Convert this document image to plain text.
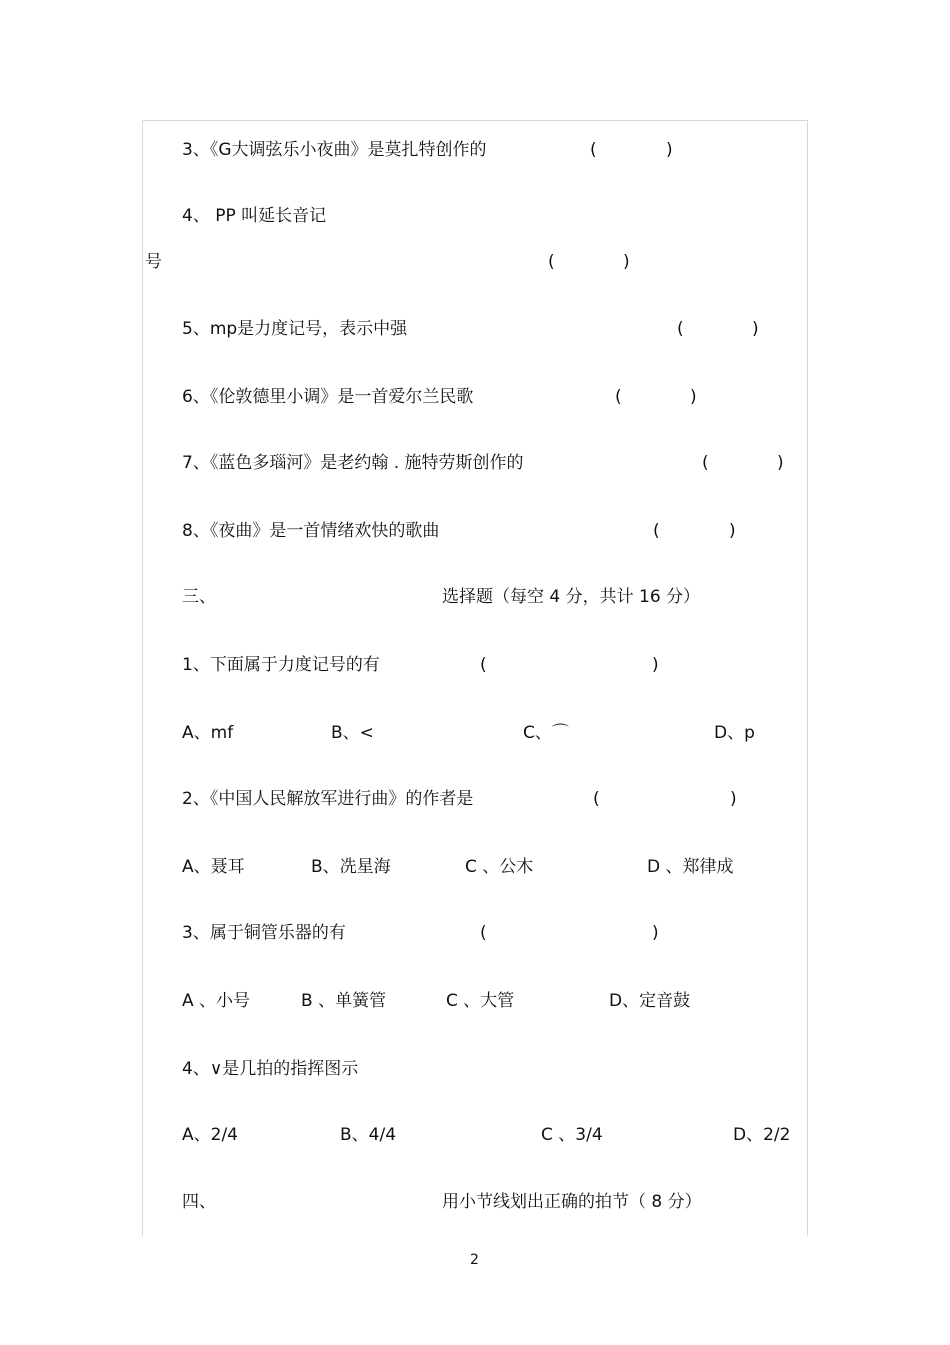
3、《G大调弦乐小夜曲》是莫扎特创作的	(	)
4、 PP 叫延长音记
号	(	)
5、mp是力度记号，表示中强	(	)
6、《伦敦德里小调》是一首爱尔兰民歌	(	)
7、《蓝色多瑙河》是老约翰 . 施特劳斯创作的	(	)
8、《夜曲》是一首情绪欢快的歌曲	(	)
三、	选择题（每空 4 分，共计 16 分）
1、下面属于力度记号的有	(	)
A、mf	B、<	C、⌒	D、p
2、《中国人民解放军进行曲》的作者是	(	)
A、聂耳	B、冼星海	C 、公木	D 、郑律成
3、属于铜管乐器的有	(	)
A 、小号	B 、单簧管	C 、大管	D、定音鼓
4、∨是几拍的指挥图示
A、2/4	B、4/4	C 、3/4	D、2/2
四、	用小节线划出正确的拍节（ 8 分）
2
